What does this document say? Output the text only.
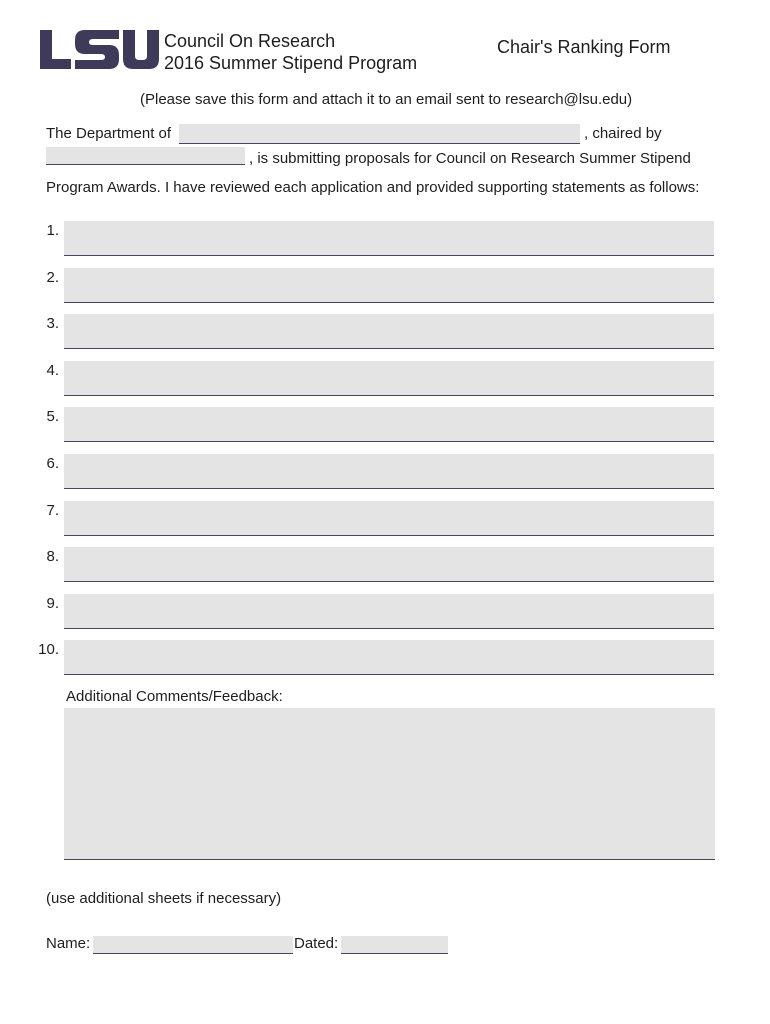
Council On Research
2016 Summer Stipend Program
Chair's Ranking Form
(Please save this form and attach it to an email sent to research@lsu.edu)
The Department of	, chaired by
, is submitting proposals for Council on Research Summer Stipend
Program Awards. I have reviewed each application and provided supporting statements as follows:
1.
2.
3.
4.
5.
6.
7.
8.
9.
10.
Additional Comments/Feedback:
(use additional sheets if necessary)
Name:	Dated:
